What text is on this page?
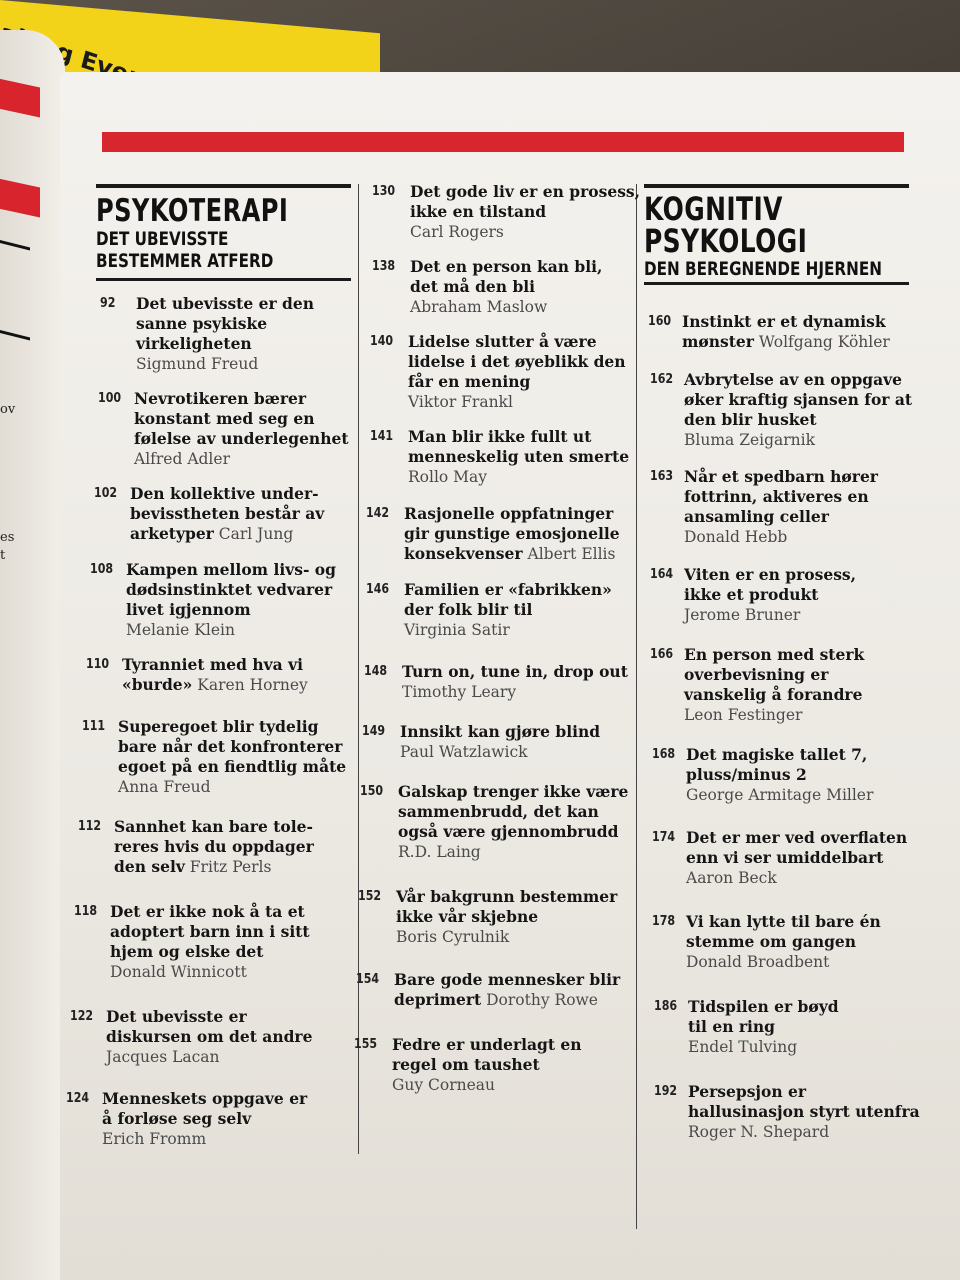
ov
es
t
PSYKOTERAPI
DET UBEVISSTE
BESTEMMER ATFERD
KOGNITIV
PSYKOLOGI
DEN BEREGNENDE HJERNEN
92 Det ubevisste er den
sanne psykiske
virkeligheten
Sigmund Freud
100 Nevrotikeren bærer
konstant med seg en
følelse av underlegenhet
Alfred Adler
102 Den kollektive under-
bevisstheten består av
arketyper Carl Jung
108 Kampen mellom livs- og
dødsinstinktet vedvarer
livet igjennom
Melanie Klein
110 Tyranniet med hva vi
«burde» Karen Horney
111 Superegoet blir tydelig
bare når det konfronterer
egoet på en fiendtlig måte
Anna Freud
112 Sannhet kan bare tole-
reres hvis du oppdager
den selv Fritz Perls
118 Det er ikke nok å ta et
adoptert barn inn i sitt
hjem og elske det
Donald Winnicott
122 Det ubevisste er
diskursen om det andre
Jacques Lacan
124 Menneskets oppgave er
å forløse seg selv
Erich Fromm
130 Det gode liv er en prosess,
ikke en tilstand
Carl Rogers
138 Det en person kan bli,
det må den bli
Abraham Maslow
140 Lidelse slutter å være
lidelse i det øyeblikk den
får en mening
Viktor Frankl
141 Man blir ikke fullt ut
menneskelig uten smerte
Rollo May
142 Rasjonelle oppfatninger
gir gunstige emosjonelle
konsekvenser Albert Ellis
146 Familien er «fabrikken»
der folk blir til
Virginia Satir
148 Turn on, tune in, drop out
Timothy Leary
149 Innsikt kan gjøre blind
Paul Watzlawick
150 Galskap trenger ikke være
sammenbrudd, det kan
også være gjennombrudd
R.D. Laing
152 Vår bakgrunn bestemmer
ikke vår skjebne
Boris Cyrulnik
154 Bare gode mennesker blir
deprimert Dorothy Rowe
155 Fedre er underlagt en
regel om taushet
Guy Corneau
160 Instinkt er et dynamisk
mønster Wolfgang Köhler
162 Avbrytelse av en oppgave
øker kraftig sjansen for at
den blir husket
Bluma Zeigarnik
163 Når et spedbarn hører
fottrinn, aktiveres en
ansamling celler
Donald Hebb
164 Viten er en prosess,
ikke et produkt
Jerome Bruner
166 En person med sterk
overbevisning er
vanskelig å forandre
Leon Festinger
168 Det magiske tallet 7,
pluss/minus 2
George Armitage Miller
174 Det er mer ved overflaten
enn vi ser umiddelbart
Aaron Beck
178 Vi kan lytte til bare én
stemme om gangen
Donald Broadbent
186 Tidspilen er bøyd
til en ring
Endel Tulving
192 Persepsjon er
hallusinasjon styrt utenfra
Roger N. Shepard
